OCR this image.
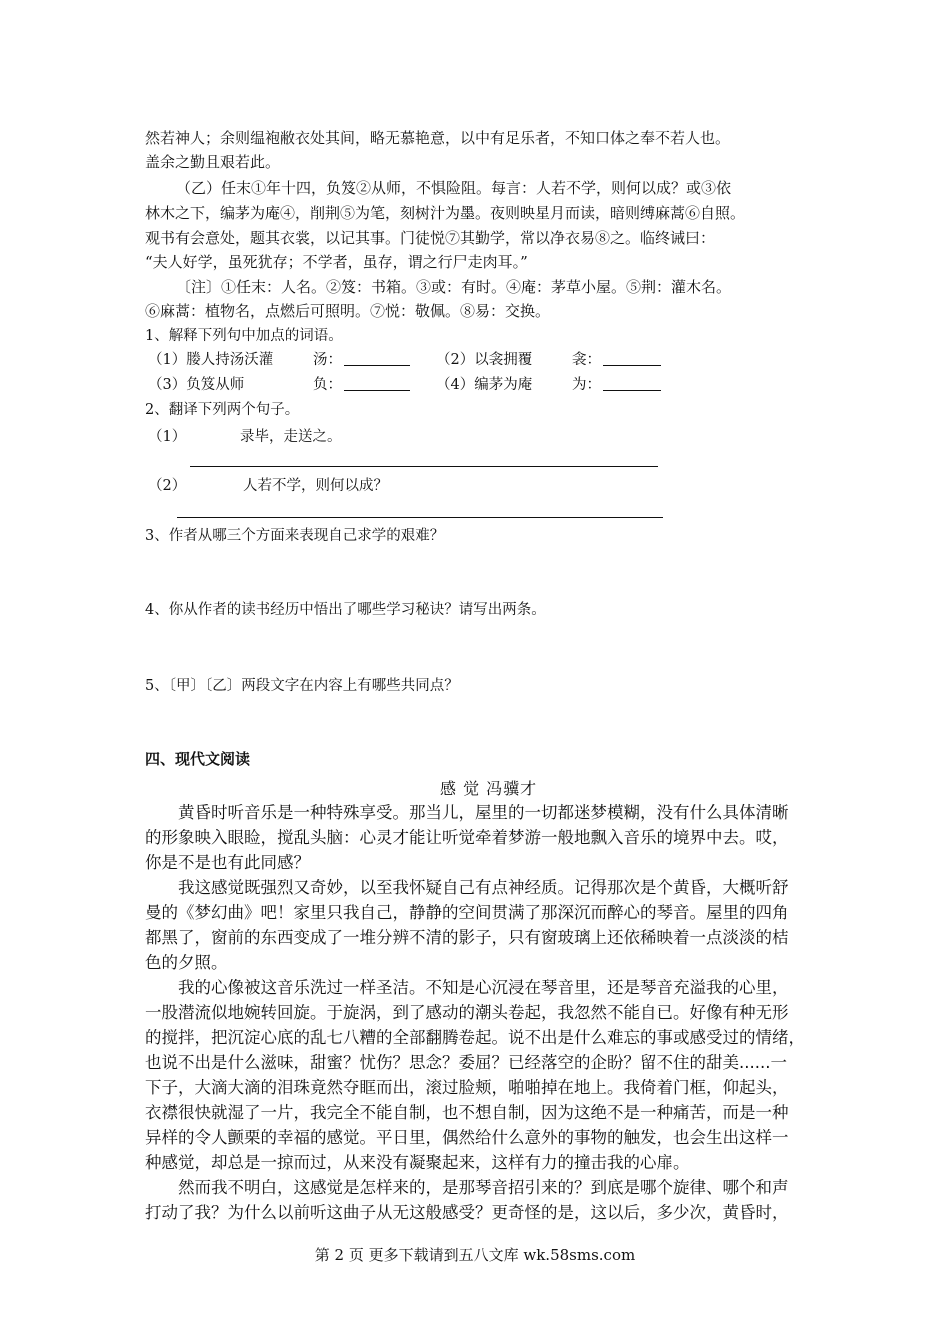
然若神人；余则缊袍敝衣处其间，略无慕艳意，以中有足乐者，不知口体之奉不若人也。
盖余之勤且艰若此。
（乙）任末①年十四，负笈②从师，不惧险阻。每言：人若不学，则何以成？或③依
林木之下，编茅为庵④，削荆⑤为笔，刻树汁为墨。夜则映星月而读，暗则缚麻蒿⑥自照。
观书有会意处，题其衣裳，以记其事。门徒悦⑦其勤学，常以净衣易⑧之。临终诫曰：
“夫人好学，虽死犹存；不学者，虽存，谓之行尸走肉耳。”
〔注〕①任末：人名。②笈：书箱。③或：有时。④庵：茅草小屋。⑤荆：灌木名。
⑥麻蒿：植物名，点燃后可照明。⑦悦：敬佩。⑧易：交换。
1、解释下列句中加点的词语。
（1）媵人持汤沃灌	汤：	（2）以衾拥覆	衾：
（3）负笈从师	负：	（4）编茅为庵	为：
2、翻译下列两个句子。
（1）	录毕，走送之。
（2）	人若不学，则何以成？
3、作者从哪三个方面来表现自己求学的艰难？
4、你从作者的读书经历中悟出了哪些学习秘诀？请写出两条。
5、〔甲〕〔乙〕两段文字在内容上有哪些共同点？
四、现代文阅读
感 觉 冯骥才
黄昏时听音乐是一种特殊享受。那当儿，屋里的一切都迷梦模糊，没有什么具体清晰
的形象映入眼睑，搅乱头脑：心灵才能让听觉牵着梦游一般地飘入音乐的境界中去。哎，
你是不是也有此同感？
我这感觉既强烈又奇妙，以至我怀疑自己有点神经质。记得那次是个黄昏，大概听舒
曼的《梦幻曲》吧！家里只我自己，静静的空间贯满了那深沉而醉心的琴音。屋里的四角
都黑了，窗前的东西变成了一堆分辨不清的影子，只有窗玻璃上还依稀映着一点淡淡的桔
色的夕照。
我的心像被这音乐洗过一样圣洁。不知是心沉浸在琴音里，还是琴音充溢我的心里，
一股潜流似地婉转回旋。于旋涡，到了感动的潮头卷起，我忽然不能自已。好像有种无形
的搅拌，把沉淀心底的乱七八糟的全部翻腾卷起。说不出是什么难忘的事或感受过的情绪，
也说不出是什么滋味，甜蜜？忧伤？思念？委屈？已经落空的企盼？留不住的甜美......一
下子，大滴大滴的泪珠竟然夺眶而出，滚过脸颊，啪啪掉在地上。我倚着门框，仰起头，
衣襟很快就湿了一片，我完全不能自制，也不想自制，因为这绝不是一种痛苦，而是一种
异样的令人颤栗的幸福的感觉。平日里，偶然给什么意外的事物的触发，也会生出这样一
种感觉，却总是一掠而过，从来没有凝聚起来，这样有力的撞击我的心扉。
然而我不明白，这感觉是怎样来的，是那琴音招引来的？到底是哪个旋律、哪个和声
打动了我？为什么以前听这曲子从无这般感受？更奇怪的是，这以后，多少次，黄昏时，
第 2 页 更多下载请到五八文库 wk.58sms.com
